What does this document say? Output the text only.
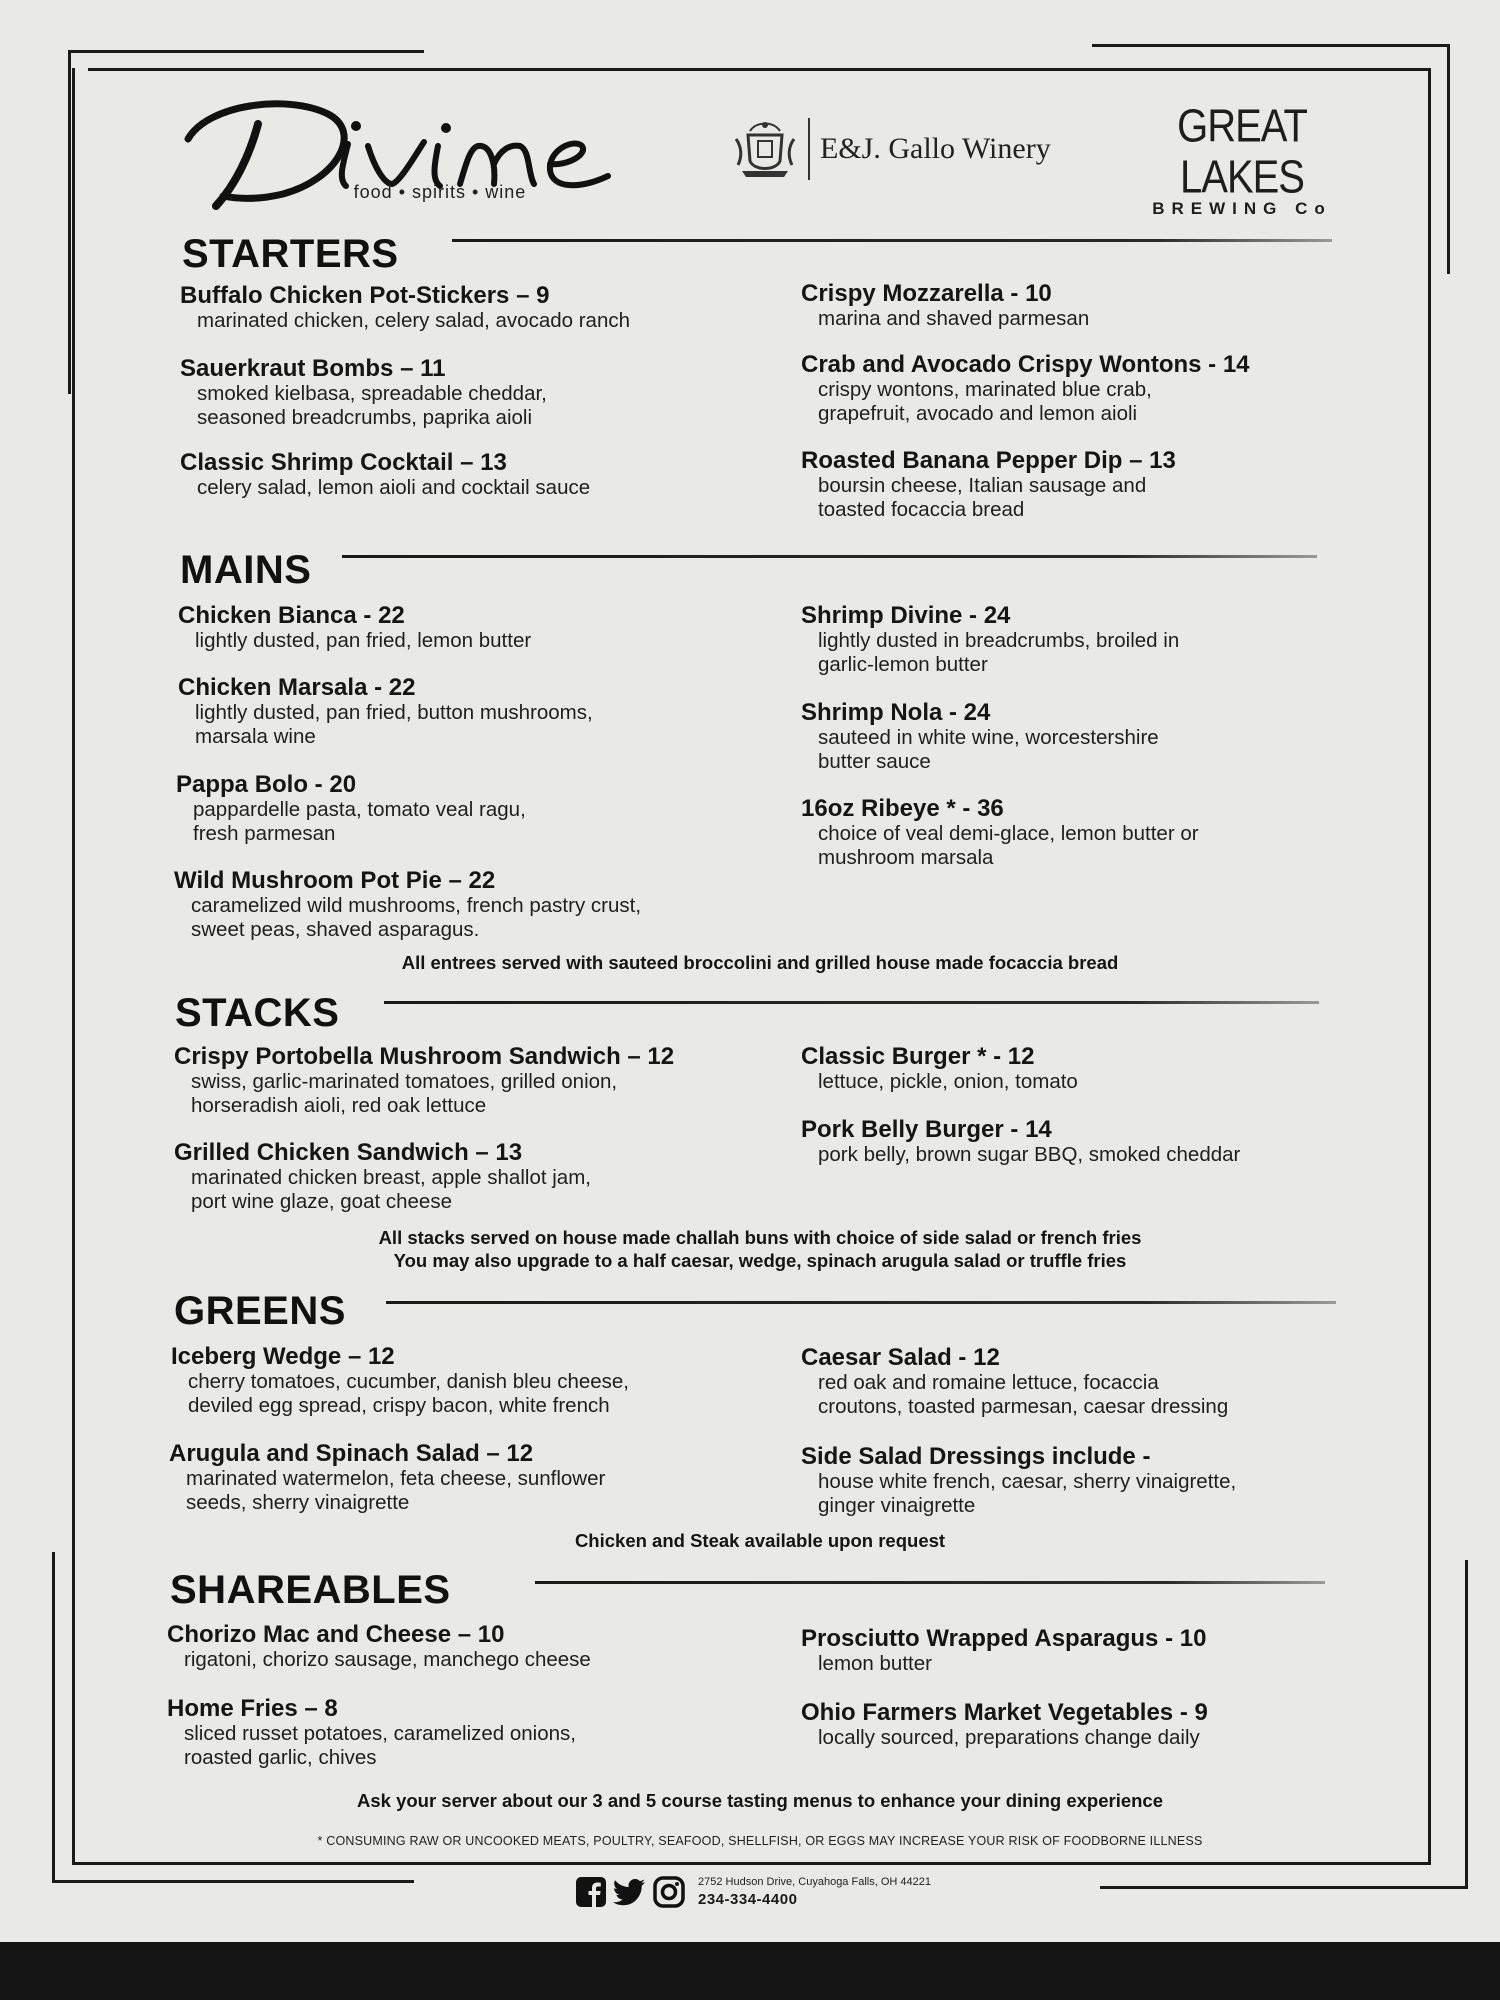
food • spirits • wine
E&J. Gallo Winery	GREAT LAKES
BREWING Co
STARTERS
Buffalo Chicken Pot-Stickers – 9
marinated chicken, celery salad, avocado ranch
Sauerkraut Bombs – 11
smoked kielbasa, spreadable cheddar,
seasoned breadcrumbs, paprika aioli
Classic Shrimp Cocktail – 13
celery salad, lemon aioli and cocktail sauce
Crispy Mozzarella - 10
marina and shaved parmesan
Crab and Avocado Crispy Wontons - 14
crispy wontons, marinated blue crab,
grapefruit, avocado and lemon aioli
Roasted Banana Pepper Dip – 13
boursin cheese, Italian sausage and
toasted focaccia bread
MAINS
Chicken Bianca - 22
lightly dusted, pan fried, lemon butter
Chicken Marsala - 22
lightly dusted, pan fried, button mushrooms,
marsala wine
Pappa Bolo - 20
pappardelle pasta, tomato veal ragu,
fresh parmesan
Wild Mushroom Pot Pie – 22
caramelized wild mushrooms, french pastry crust,
sweet peas, shaved asparagus.
Shrimp Divine - 24
lightly dusted in breadcrumbs, broiled in
garlic-lemon butter
Shrimp Nola - 24
sauteed in white wine, worcestershire
butter sauce
16oz Ribeye * - 36
choice of veal demi-glace, lemon butter or
mushroom marsala
All entrees served with sauteed broccolini and grilled house made focaccia bread
STACKS
Crispy Portobella Mushroom Sandwich – 12
swiss, garlic-marinated tomatoes, grilled onion,
horseradish aioli, red oak lettuce
Grilled Chicken Sandwich – 13
marinated chicken breast, apple shallot jam,
port wine glaze, goat cheese
Classic Burger * - 12
lettuce, pickle, onion, tomato
Pork Belly Burger - 14
pork belly, brown sugar BBQ, smoked cheddar
All stacks served on house made challah buns with choice of side salad or french fries
You may also upgrade to a half caesar, wedge, spinach arugula salad or truffle fries
GREENS
Iceberg Wedge – 12
cherry tomatoes, cucumber, danish bleu cheese,
deviled egg spread, crispy bacon, white french
Arugula and Spinach Salad – 12
marinated watermelon, feta cheese, sunflower
seeds, sherry vinaigrette
Caesar Salad - 12
red oak and romaine lettuce, focaccia
croutons, toasted parmesan, caesar dressing
Side Salad Dressings include -
house white french, caesar, sherry vinaigrette,
ginger vinaigrette
Chicken and Steak available upon request
SHAREABLES
Chorizo Mac and Cheese – 10
rigatoni, chorizo sausage, manchego cheese
Home Fries – 8
sliced russet potatoes, caramelized onions,
roasted garlic, chives
Prosciutto Wrapped Asparagus - 10
lemon butter
Ohio Farmers Market Vegetables - 9
locally sourced, preparations change daily
Ask your server about our 3 and 5 course tasting menus to enhance your dining experience
* CONSUMING RAW OR UNCOOKED MEATS, POULTRY, SEAFOOD, SHELLFISH, OR EGGS MAY INCREASE YOUR RISK OF FOODBORNE ILLNESS
2752 Hudson Drive, Cuyahoga Falls, OH 44221
234-334-4400
